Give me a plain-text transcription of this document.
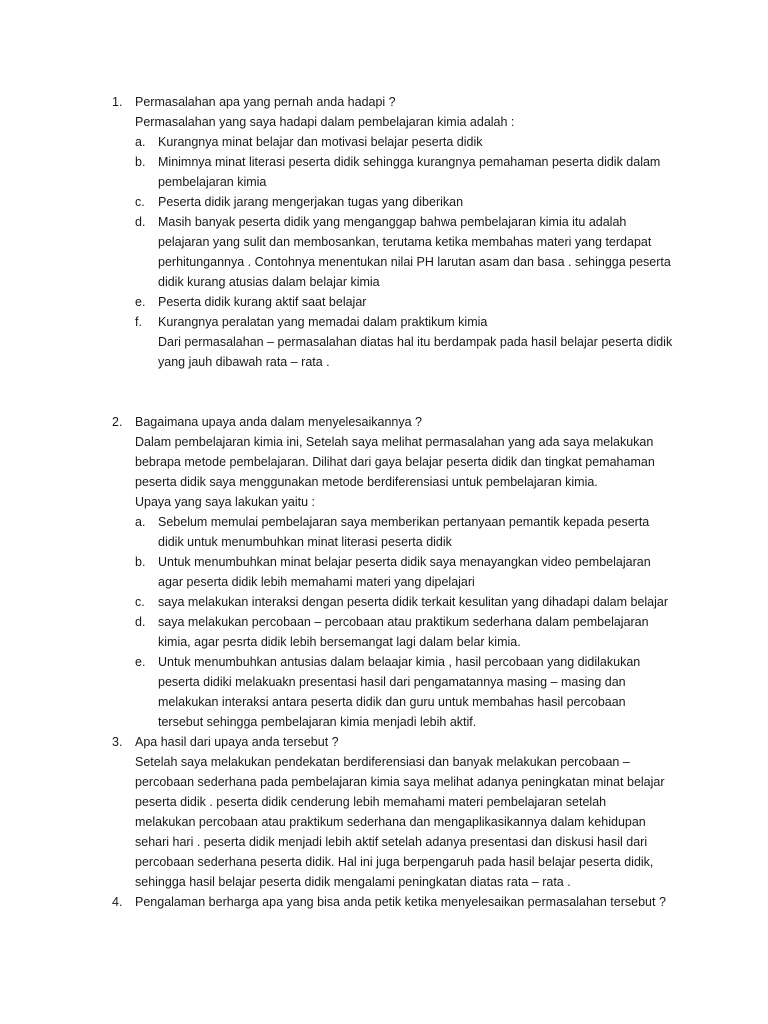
1. Permasalahan apa yang pernah anda hadapi ?
Permasalahan yang saya hadapi dalam pembelajaran kimia adalah :
a. Kurangnya minat belajar dan motivasi belajar peserta didik
b. Minimnya minat literasi peserta didik sehingga kurangnya pemahaman peserta didik dalam
pembelajaran kimia
c. Peserta didik jarang mengerjakan tugas yang diberikan
d. Masih banyak peserta didik yang menganggap bahwa pembelajaran kimia itu adalah
pelajaran yang sulit dan membosankan, terutama ketika membahas materi yang terdapat
perhitungannya . Contohnya menentukan nilai PH larutan asam dan basa . sehingga peserta
didik kurang atusias dalam belajar kimia
e. Peserta didik kurang aktif saat belajar
f. Kurangnya peralatan yang memadai dalam praktikum kimia
Dari permasalahan – permasalahan diatas hal itu berdampak pada hasil belajar peserta didik
yang jauh dibawah rata – rata .
2. Bagaimana upaya anda dalam menyelesaikannya ?
Dalam pembelajaran kimia ini, Setelah saya melihat permasalahan yang ada saya melakukan
bebrapa metode pembelajaran. Dilihat dari gaya belajar peserta didik dan tingkat pemahaman
peserta didik saya menggunakan metode berdiferensiasi untuk pembelajaran kimia.
Upaya yang saya lakukan yaitu :
a. Sebelum memulai pembelajaran saya memberikan pertanyaan pemantik kepada peserta
didik untuk menumbuhkan minat literasi peserta didik
b. Untuk menumbuhkan minat belajar peserta didik saya menayangkan video pembelajaran
agar peserta didik lebih memahami materi yang dipelajari
c. saya melakukan interaksi dengan peserta didik terkait kesulitan yang dihadapi dalam belajar
d. saya melakukan percobaan – percobaan atau praktikum sederhana dalam pembelajaran
kimia, agar pesrta didik lebih bersemangat lagi dalam belar kimia.
e. Untuk menumbuhkan antusias dalam belaajar kimia , hasil percobaan yang didilakukan
peserta didiki melakuakn presentasi hasil dari pengamatannya masing – masing dan
melakukan interaksi antara peserta didik dan guru untuk membahas hasil percobaan
tersebut sehingga pembelajaran kimia menjadi lebih aktif.
3. Apa hasil dari upaya anda tersebut ?
Setelah saya melakukan pendekatan berdiferensiasi dan banyak melakukan percobaan –
percobaan sederhana pada pembelajaran kimia saya melihat adanya peningkatan minat belajar
peserta didik . peserta didik cenderung lebih memahami materi pembelajaran setelah
melakukan percobaan atau praktikum sederhana dan mengaplikasikannya dalam kehidupan
sehari hari . peserta didik menjadi lebih aktif setelah adanya presentasi dan diskusi hasil dari
percobaan sederhana peserta didik. Hal ini juga berpengaruh pada hasil belajar peserta didik,
sehingga hasil belajar peserta didik mengalami peningkatan diatas rata – rata .
4. Pengalaman berharga apa yang bisa anda petik ketika menyelesaikan permasalahan tersebut ?
